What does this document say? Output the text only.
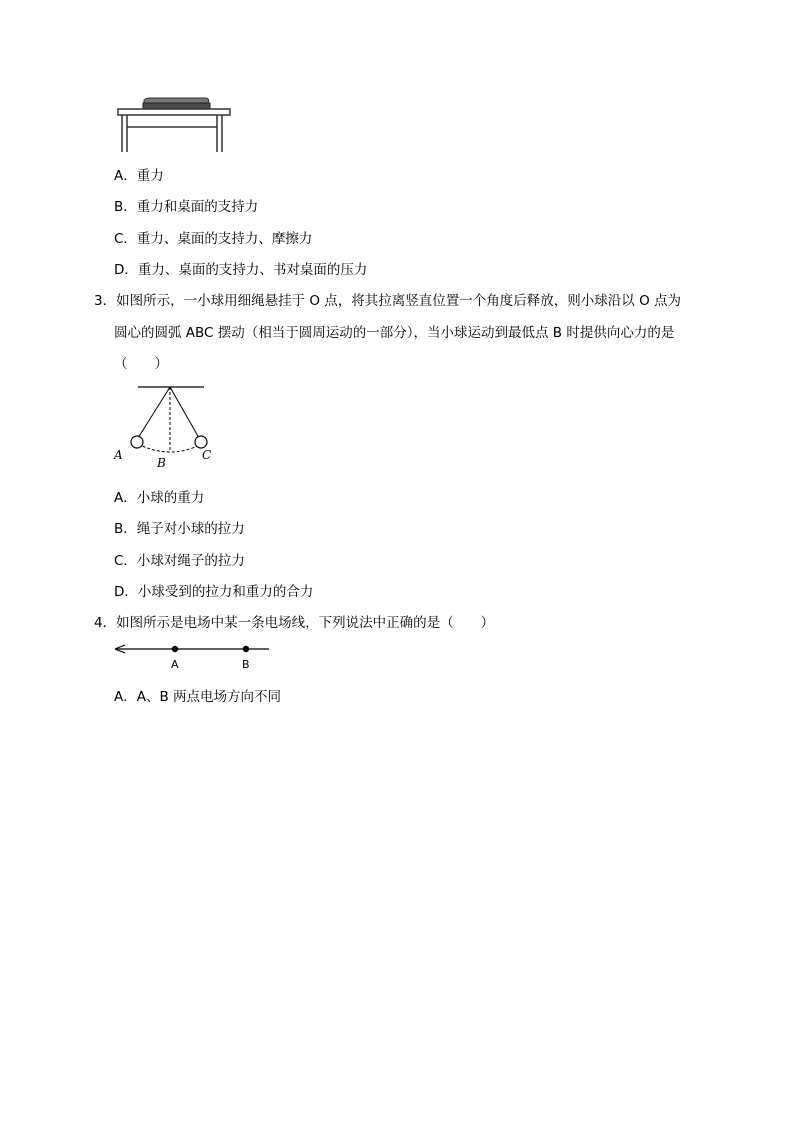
A．重力
B．重力和桌面的支持力
C．重力、桌面的支持力、摩擦力
D．重力、桌面的支持力、书对桌面的压力
3．如图所示，一小球用细绳悬挂于 O 点，将其拉离竖直位置一个角度后释放，则小球沿以 O 点为
圆心的圆弧 ABC 摆动（相当于圆周运动的一部分），当小球运动到最低点 B 时提供向心力的是
（　　）
A
B
C
A．小球的重力
B．绳子对小球的拉力
C．小球对绳子的拉力
D．小球受到的拉力和重力的合力
4．如图所示是电场中某一条电场线，下列说法中正确的是（　　）
A	B
A．A、B 两点电场方向不同
